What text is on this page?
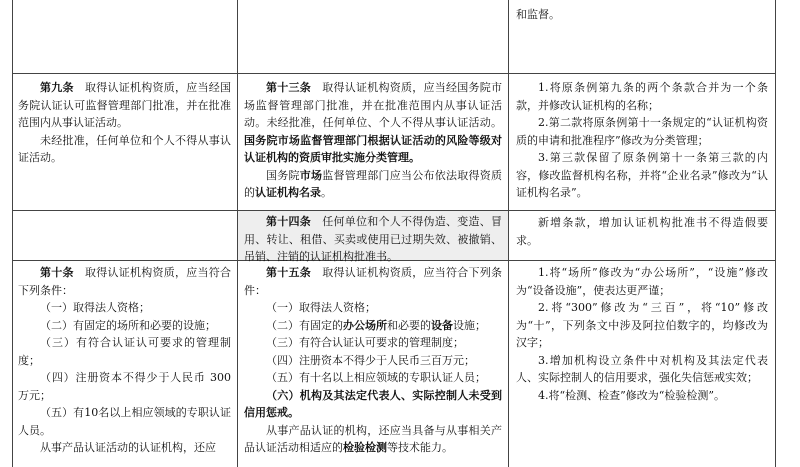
和监督。

第九条　取得认证机构资质，应当经国务院认证认可监督管理部门批准，并在批准范围内从事认证活动。

未经批准，任何单位和个人不得从事认证活动。

第十三条　取得认证机构资质，应当经国务院市场监督管理部门批准，并在批准范围内从事认证活动。未经批准，任何单位、个人不得从事认证活动。国务院市场监督管理部门根据认证活动的风险等级对认证机构的资质审批实施分类管理。

国务院市场监督管理部门应当公布依法取得资质的认证机构名录。

1.将原条例第九条的两个条款合并为一个条款，并修改认证机构的名称；

2.第二款将原条例第十一条规定的“认证机构资质的申请和批准程序”修改为分类管理；

3.第三款保留了原条例第十一条第三款的内容，修改监督机构名称，并将“企业名录”修改为“认证机构名录”。

第十四条　任何单位和个人不得伪造、变造、冒用、转让、租借、买卖或使用已过期失效、被撤销、吊销、注销的认证机构批准书。

新增条款，增加认证机构批准书不得造假要求。

第十条　取得认证机构资质，应当符合下列条件：

（一）取得法人资格；

（二）有固定的场所和必要的设施；

（三）有符合认证认可要求的管理制度；

（四）注册资本不得少于人民币 300 万元；

（五）有10名以上相应领域的专职认证人员。

从事产品认证活动的认证机构，还应

第十五条　取得认证机构资质，应当符合下列条件：

（一）取得法人资格；

（二）有固定的办公场所和必要的设备设施；

（三）有符合认证认可要求的管理制度；

（四）注册资本不得少于人民币三百万元；

（五）有十名以上相应领域的专职认证人员；

（六）机构及其法定代表人、实际控制人未受到信用惩戒。

从事产品认证的机构，还应当具备与从事相关产品认证活动相适应的检验检测等技术能力。

1.将“场所”修改为“办公场所”，“设施”修改为“设备设施”，使表达更严谨；

2.将“300”修改为“三百”，将“10”修改为“十”，下列条文中涉及阿拉伯数字的，均修改为汉字；

3.增加机构设立条件中对机构及其法定代表人、实际控制人的信用要求，强化失信惩戒实效；

4.将“检测、检查”修改为“检验检测”。
